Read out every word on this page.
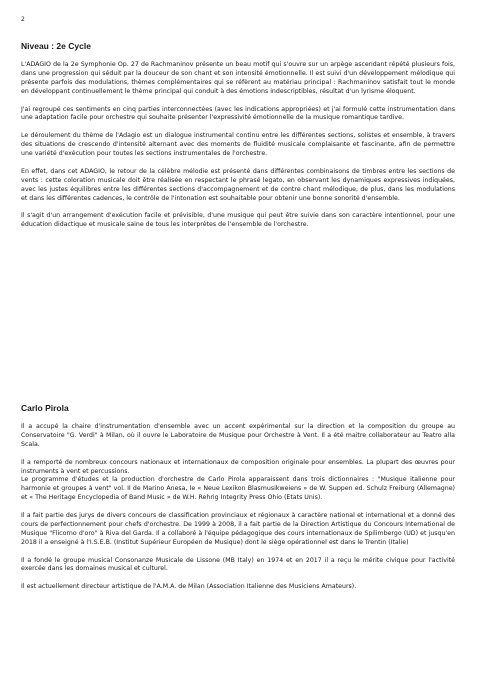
2
Niveau : 2e Cycle

L'ADAGIO de la 2e Symphonie Op. 27 de Rachmaninov présente un beau motif qui s'ouvre sur un arpège ascendant répété plusieurs fois, dans une progression qui séduit par la douceur de son chant et son intensité émotionnelle. Il est suivi d'un développement mélodique qui présente parfois des modulations, thèmes complémentaires qui se réfèrent au matériau principal : Rachmaninov satisfait tout le monde en développant continuellement le thème principal qui conduit à des émotions indescriptibles, résultat d'un lyrisme éloquent.

J'ai regroupé ces sentiments en cinq parties interconnectées (avec les indications appropriées) et j'ai formulé cette instrumentation dans une adaptation facile pour orchestre qui souhaite présenter l'expressivité émotionnelle de la musique romantique tardive.

Le déroulement du thème de l'Adagio est un dialogue instrumental continu entre les différentes sections, solistes et ensemble, à travers des situations de crescendo d'intensité alternant avec des moments de fluidité musicale complaisante et fascinante, afin de permettre une variété d'exécution pour toutes les sections instrumentales de l'orchestre.

En effet, dans cet ADAGIO, le retour de la célèbre mélodie est présenté dans différentes combinaisons de timbres entre les sections de vents : cette coloration musicale doit être réalisée en respectant le phrasé legato, en observant les dynamiques expressives indiquées, avec les justes équilibres entre les différentes sections d'accompagnement et de contre chant mélodique, de plus, dans les modulations et dans les différentes cadences, le contrôle de l'intonation est souhaitable pour obtenir une bonne sonorité d'ensemble.

Il s'agit d'un arrangement d'exécution facile et prévisible, d'une musique qui peut être suivie dans son caractère intentionnel, pour une éducation didactique et musicale saine de tous les interprètes de l'ensemble de l'orchestre.

Carlo Pirola

Il a accupé la chaire d'instrumentation d'ensemble avec un accent expérimental sur la direction et la composition du groupe au Conservatoire "G. Verdi" à Milan, où il ouvre le Laboratoire de Musique pour Orchestre à Vent. Il a été maitre collaborateur au Teatro alla Scala.

Il a remporté de nombreux concours nationaux et internationaux de composition originale pour ensembles. La plupart des œuvres pour instruments à vent et percussions.

Le programme d'études et la production d'orchestre de Carlo Pirola apparaissent dans trois dictionnaires : "Musique italienne pour harmonie et groupes à vent" vol. II de Marino Anesa, le « Neue Lexikon Blasmusikweiens » de W. Suppen ed. Schulz Freiburg (Allemagne) et « The Heritage Encyclopedia of Band Music » de W.H. Rehrig Integrity Press Ohio (Etats Unis).

Il a fait partie des jurys de divers concours de classification provinciaux et régionaux à caractère national et international et a donné des cours de perfectionnement pour chefs d'orchestre. De 1999 à 2008, il a fait partie de la Direction Artistique du Concours International de Musique "Flicorno d'oro" à Riva del Garda. Il a collaboré à l'équipe pédagogique des cours internationaux de Spilimbergo (UD) et jusqu'en 2018 il a enseigné à l'I.S.E.B. (Institut Supérieur Européen de Musique) dont le siège opérationnel est dans le Trentin (Italie)

Il a fondé le groupe musical Consonanze Musicale de Lissone (MB Italy) en 1974 et en 2017 il a reçu le mérite civique pour l'activité exercée dans les domaines musical et culturel.

Il est actuellement directeur artistique de l'A.M.A. de Milan (Association Italienne des Musiciens Amateurs).
